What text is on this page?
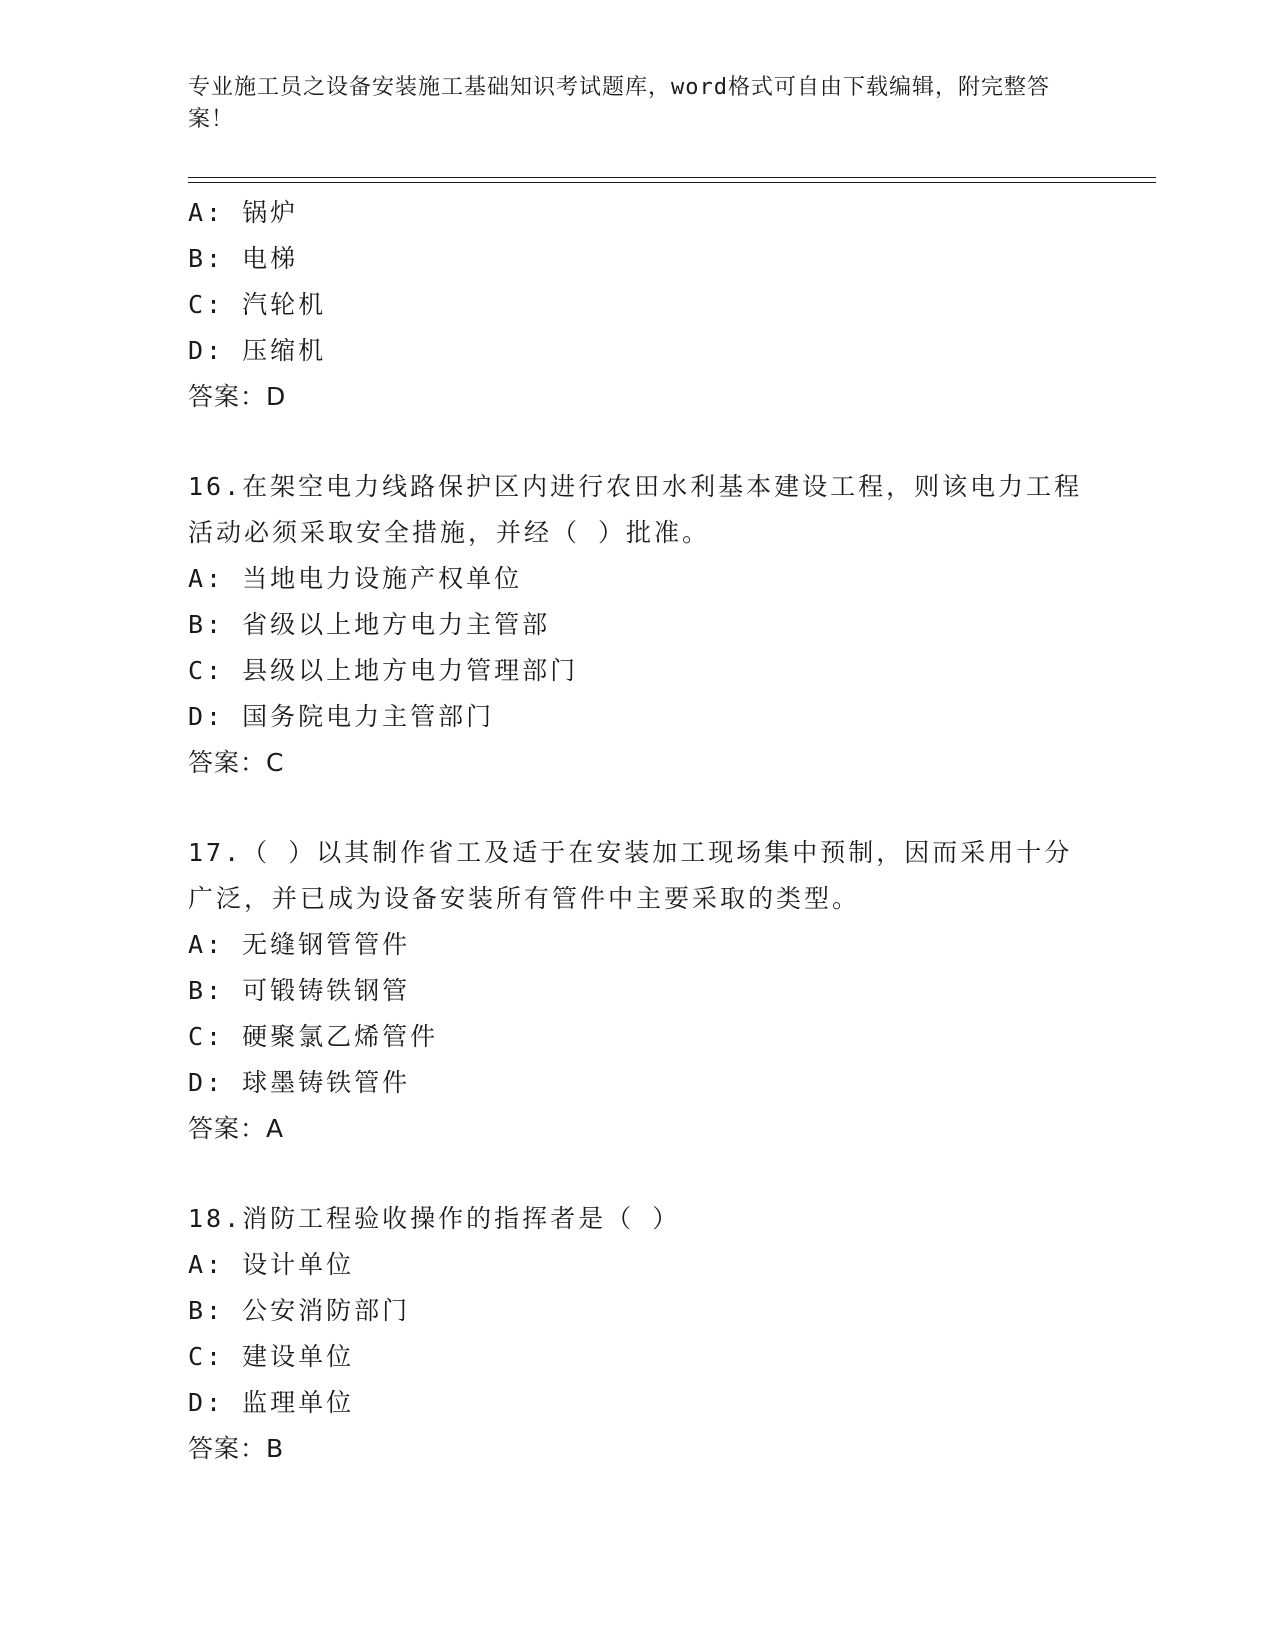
专业施工员之设备安装施工基础知识考试题库，word格式可自由下载编辑，附完整答案！
A: 锅炉
B: 电梯
C: 汽轮机
D: 压缩机
答案：D
16.在架空电力线路保护区内进行农田水利基本建设工程，则该电力工程活动必须采取安全措施，并经（ ）批准。
A: 当地电力设施产权单位
B: 省级以上地方电力主管部
C: 县级以上地方电力管理部门
D: 国务院电力主管部门
答案：C
17.（ ）以其制作省工及适于在安装加工现场集中预制，因而采用十分广泛，并已成为设备安装所有管件中主要采取的类型。
A: 无缝钢管管件
B: 可锻铸铁钢管
C: 硬聚氯乙烯管件
D: 球墨铸铁管件
答案：A
18.消防工程验收操作的指挥者是（ ）
A: 设计单位
B: 公安消防部门
C: 建设单位
D: 监理单位
答案：B
